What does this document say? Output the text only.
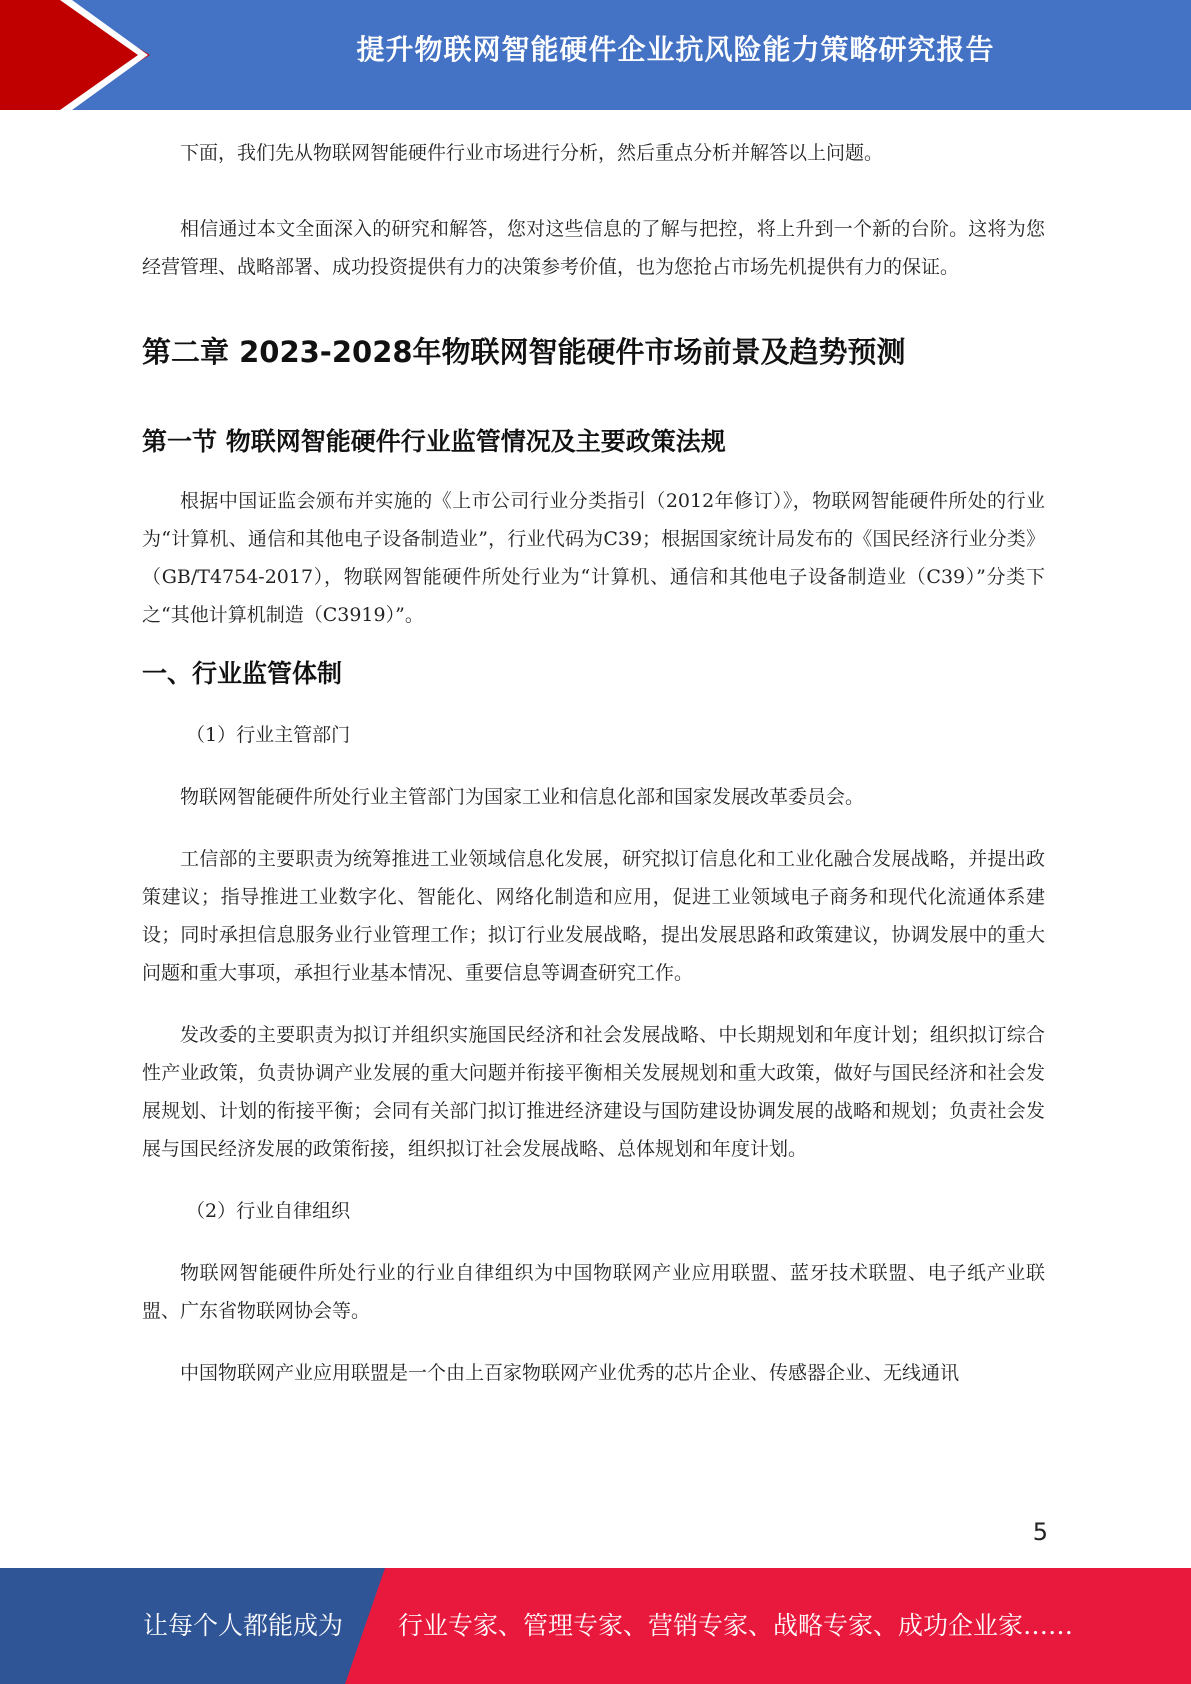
提升物联网智能硬件企业抗风险能力策略研究报告

下面，我们先从物联网智能硬件行业市场进行分析，然后重点分析并解答以上问题。

相信通过本文全面深入的研究和解答，您对这些信息的了解与把控，将上升到一个新的台阶。这将为您经营管理、战略部署、成功投资提供有力的决策参考价值，也为您抢占市场先机提供有力的保证。

第二章 2023-2028年物联网智能硬件市场前景及趋势预测
第一节 物联网智能硬件行业监管情况及主要政策法规

根据中国证监会颁布并实施的《上市公司行业分类指引（2012年修订）》，物联网智能硬件所处的行业为“计算机、通信和其他电子设备制造业”，行业代码为C39；根据国家统计局发布的《国民经济行业分类》（GB/T4754-2017），物联网智能硬件所处行业为“计算机、通信和其他电子设备制造业（C39）”分类下之“其他计算机制造（C3919）”。

一、行业监管体制

（1）行业主管部门

物联网智能硬件所处行业主管部门为国家工业和信息化部和国家发展改革委员会。

工信部的主要职责为统筹推进工业领域信息化发展，研究拟订信息化和工业化融合发展战略，并提出政策建议；指导推进工业数字化、智能化、网络化制造和应用，促进工业领域电子商务和现代化流通体系建设；同时承担信息服务业行业管理工作；拟订行业发展战略，提出发展思路和政策建议，协调发展中的重大问题和重大事项，承担行业基本情况、重要信息等调查研究工作。

发改委的主要职责为拟订并组织实施国民经济和社会发展战略、中长期规划和年度计划；组织拟订综合性产业政策，负责协调产业发展的重大问题并衔接平衡相关发展规划和重大政策，做好与国民经济和社会发展规划、计划的衔接平衡；会同有关部门拟订推进经济建设与国防建设协调发展的战略和规划；负责社会发展与国民经济发展的政策衔接，组织拟订社会发展战略、总体规划和年度计划。

（2）行业自律组织

物联网智能硬件所处行业的行业自律组织为中国物联网产业应用联盟、蓝牙技术联盟、电子纸产业联盟、广东省物联网协会等。

中国物联网产业应用联盟是一个由上百家物联网产业优秀的芯片企业、传感器企业、无线通讯

5
让每个人都能成为 行业专家、管理专家、营销专家、战略专家、成功企业家……
